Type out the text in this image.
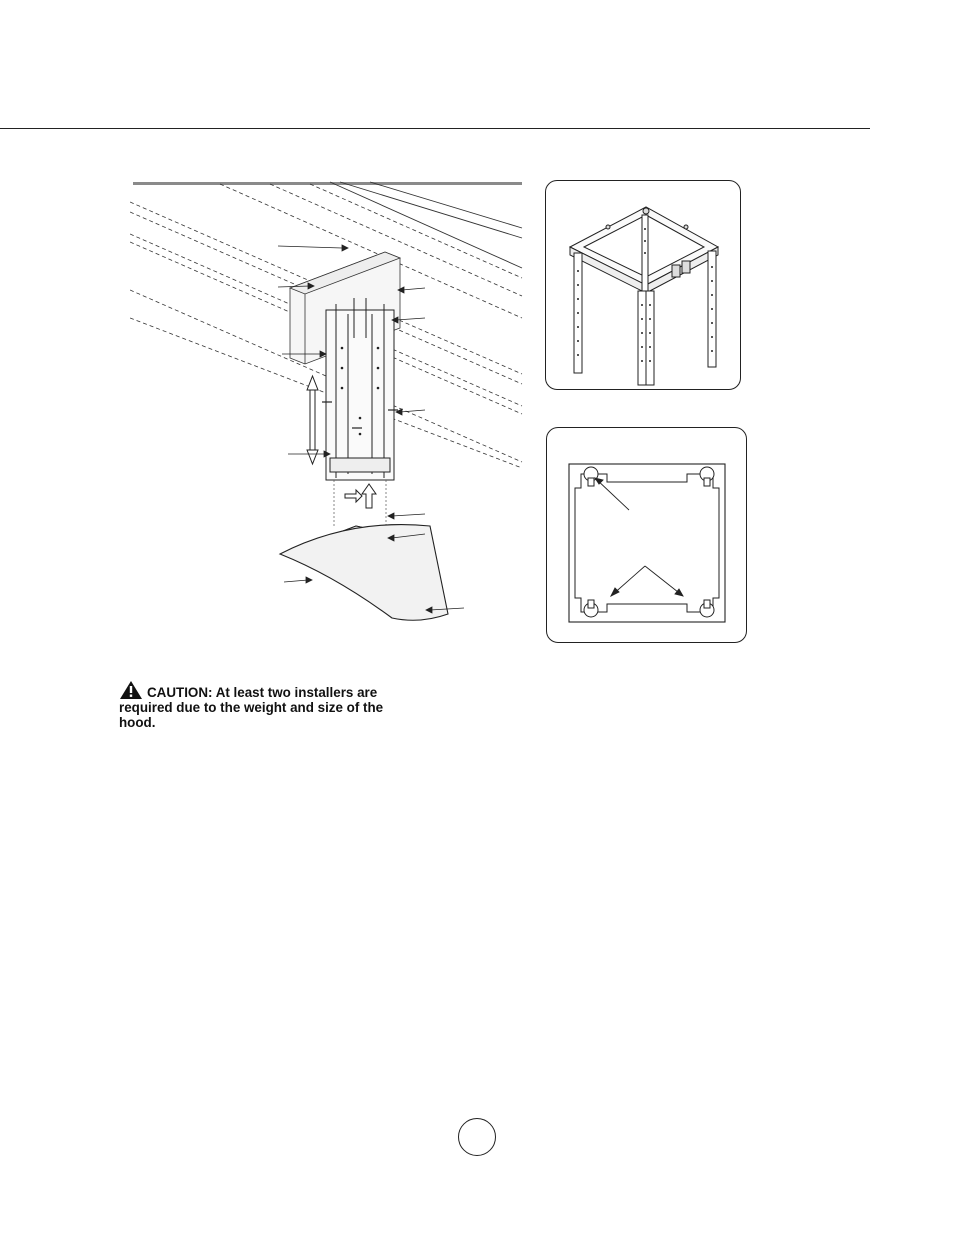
CAUTION: At least two installers are required due to the weight and size of the hood.
